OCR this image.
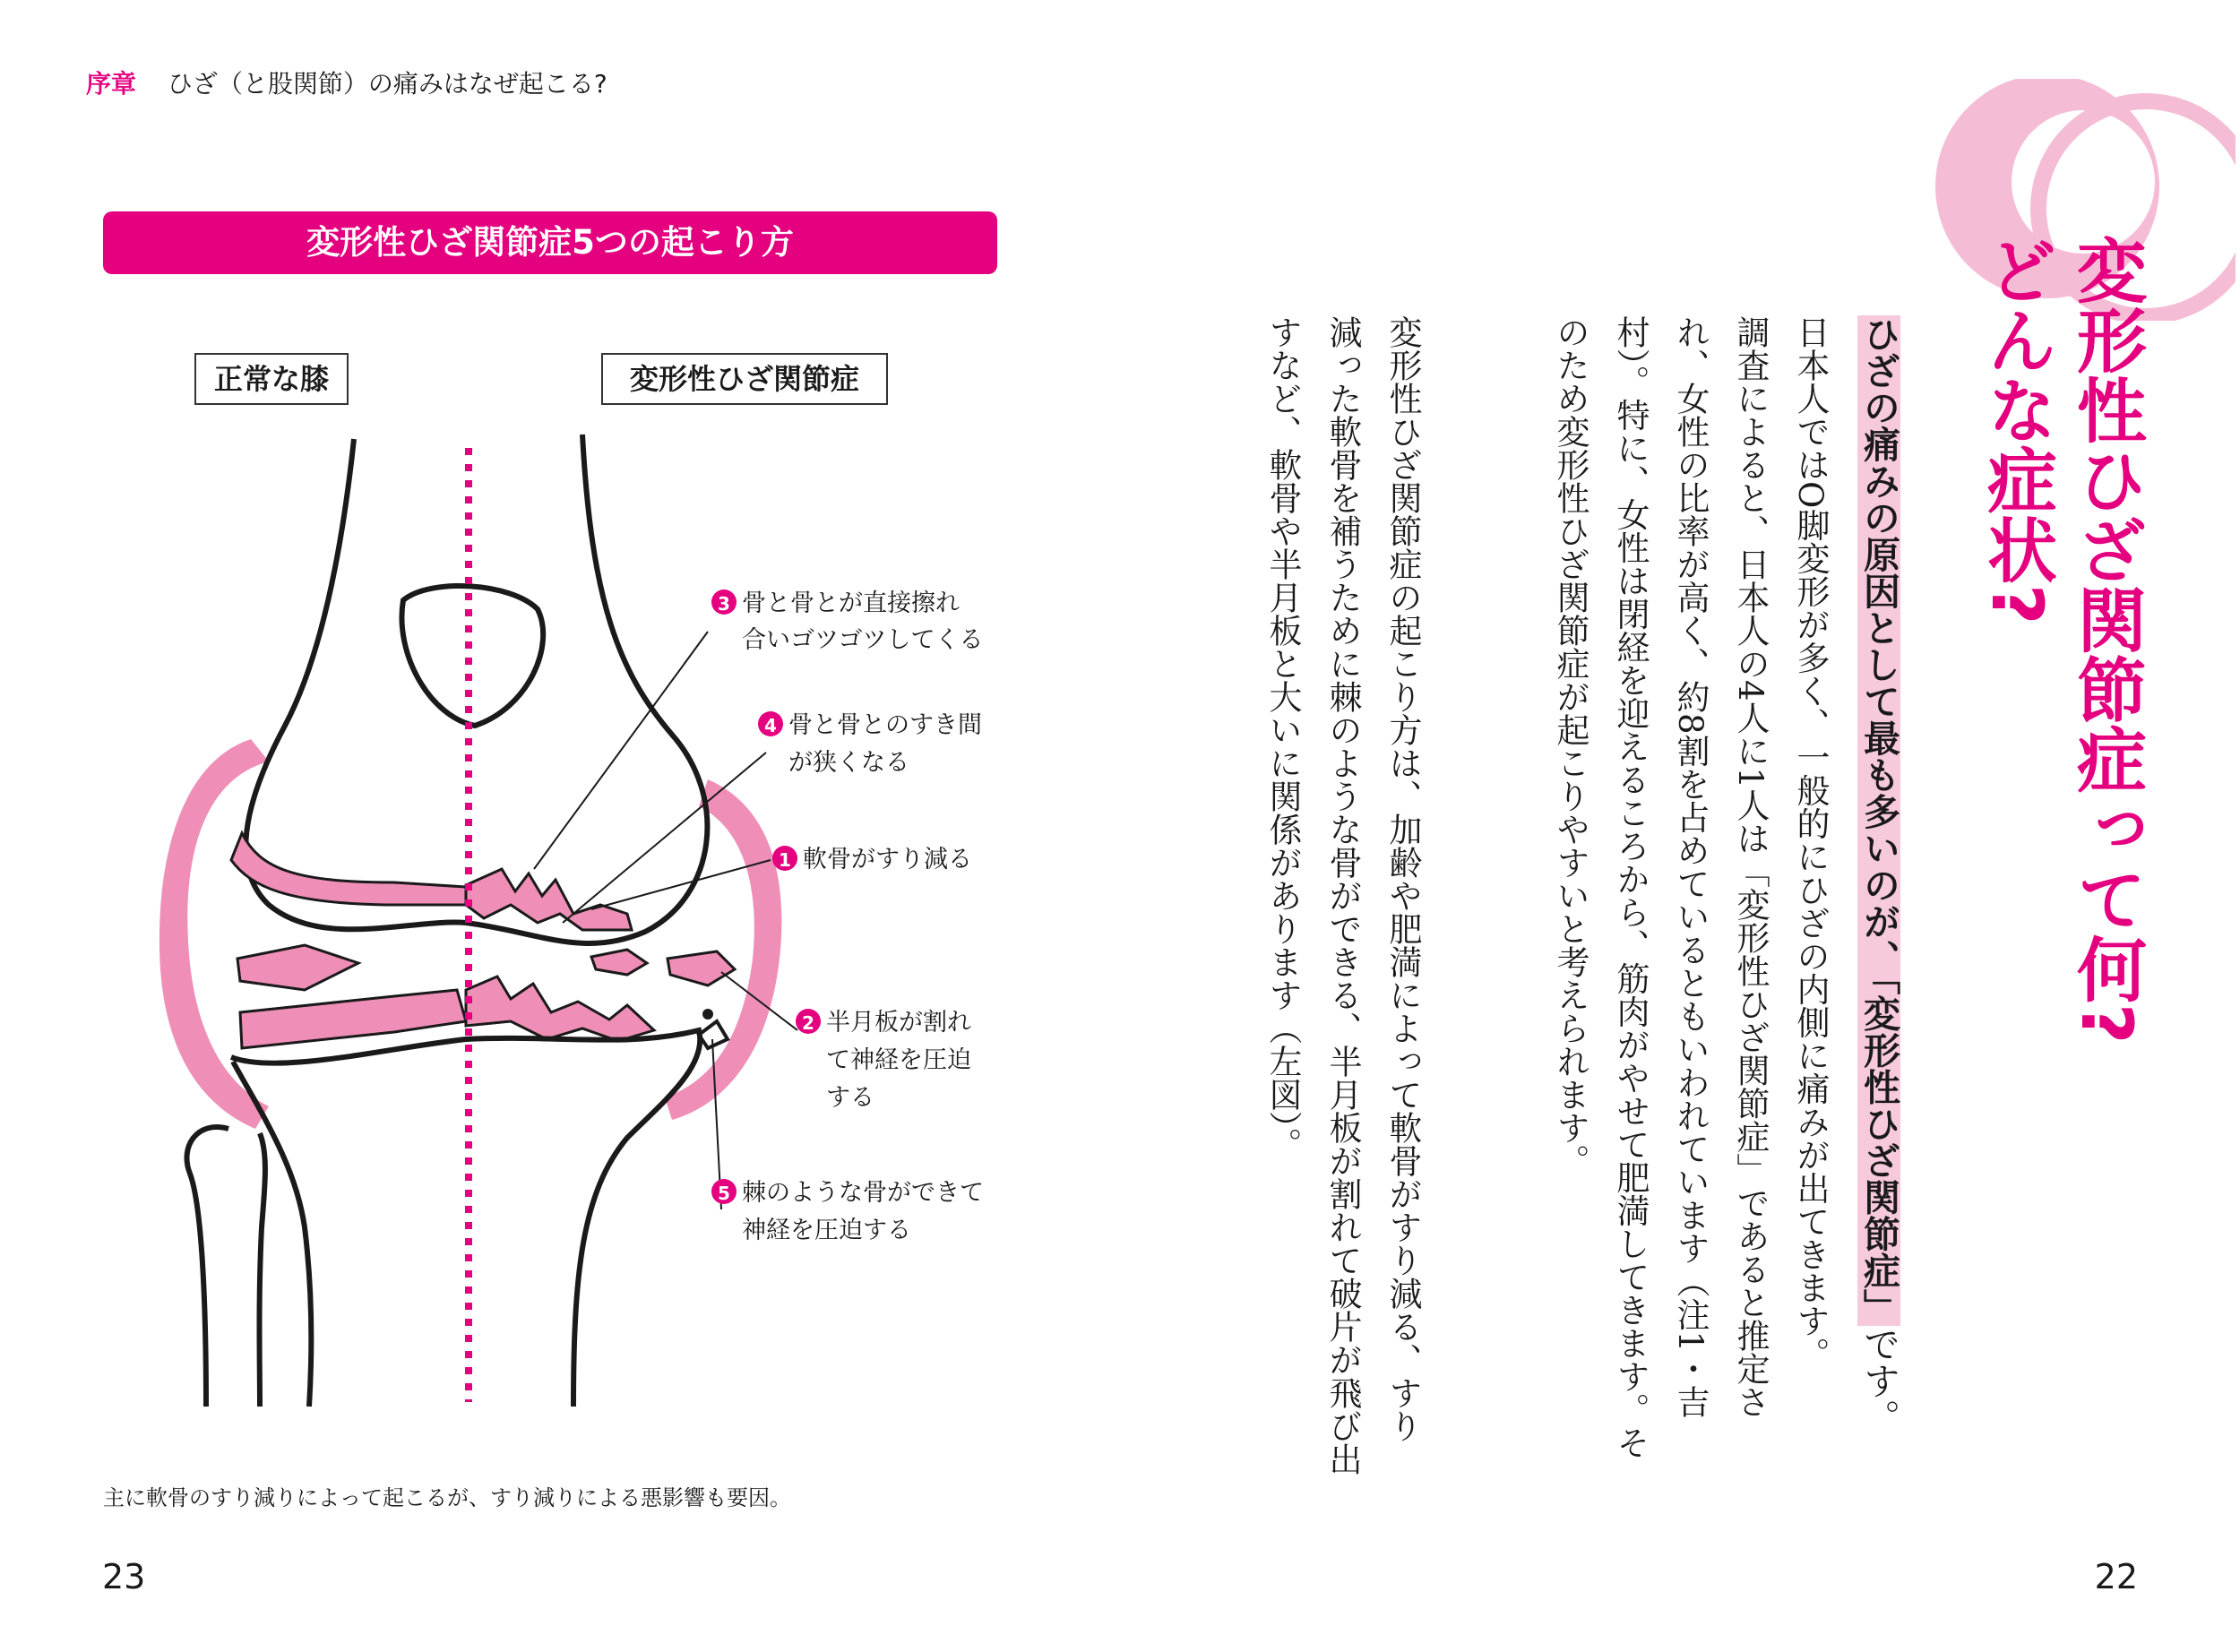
序章 ひざ（と股関節）の痛みはなぜ起こる?
変形性ひざ関節症5つの起こり方
正常な膝	変形性ひざ関節症
3 骨と骨とが直接擦れ
合いゴツゴツしてくる
4 骨と骨とのすき間
が狭くなる
1 軟骨がすり減る
2 半月板が割れ
て神経を圧迫
する
5 棘のような骨ができて
神経を圧迫する
主に軟骨のすり減りによって起こるが、すり減りによる悪影響も要因。
23
変形性ひざ関節症って何?
どんな症状?
ひざの痛みの原因として最も多いのが、「変形性ひざ関節症」です。
日本人ではO脚変形が多く、一般的にひざの内側に痛みが出てきます。
調査によると、日本人の4人に1人は「変形性ひざ関節症」であると推定さ
れ、女性の比率が高く、約8割を占めているともいわれています（注1・吉
村）。特に、女性は閉経を迎えるころから、筋肉がやせて肥満してきます。そ
のため変形性ひざ関節症が起こりやすいと考えられます。
変形性ひざ関節症の起こり方は、加齢や肥満によって軟骨がすり減る、すり
減った軟骨を補うために棘のような骨ができる、半月板が割れて破片が飛び出
すなど、軟骨や半月板と大いに関係があります（左図）。
22
